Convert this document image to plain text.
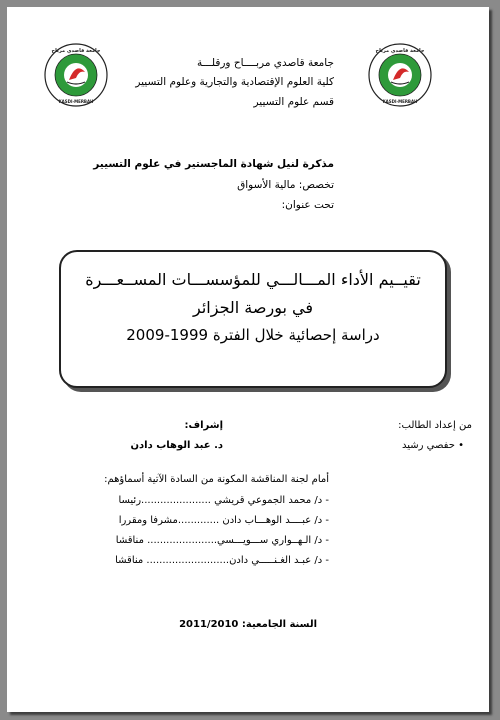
جامعة قاصدي مرباح
KASDI-MERBAH
جامعة قاصدي مرباح
KASDI-MERBAH
جامعة قاصدي مربــــاح ورقلـــة
كلية العلوم الإقتصادية والتجارية وعلوم التسيير
قسم علوم التسيير
مذكرة لنيل شهادة الماجستير في علوم التسيير
تخصص: مالية الأسواق
تحت عنوان:
تقيــيم الأداء المـــالـــي للمؤسســـات المســعـــرة
في بورصة الجزائر
دراسة إحصائية خلال الفترة 1999-2009
من إعداد الطالب:
• حفصي رشيد
إشراف:
د. عبد الوهاب دادن
أمام لجنة المناقشة المكونة من السادة الآتية أسماؤهم:
- د/ محمد الجموعي قريشي ......................رئيسا
- د/ عبــــد الوهـــاب دادن .............مشرفا ومقررا
- د/ الـهــواري ســـويـــسي...................... مناقشا
- د/ عبـد الغـنـــــي دادن.......................... مناقشا
السنة الجامعية: 2011/2010
